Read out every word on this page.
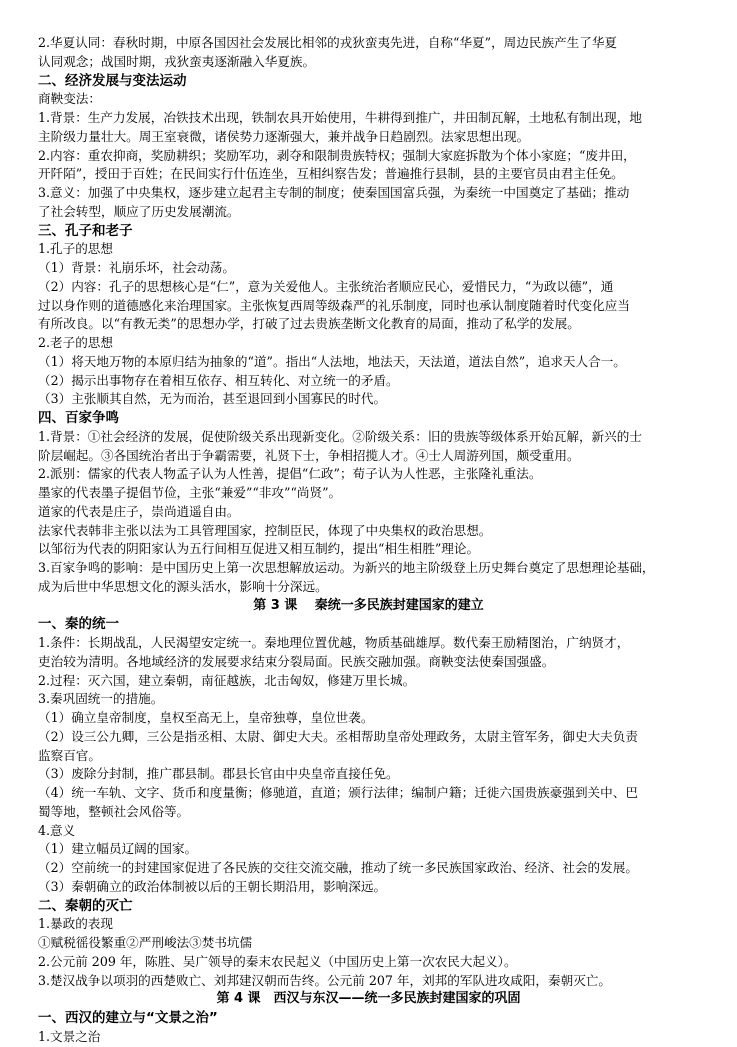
2.华夏认同：春秋时期，中原各国因社会发展比相邻的戎狄蛮夷先进，自称“华夏”，周边民族产生了华夏
认同观念；战国时期，戎狄蛮夷逐渐融入华夏族。
二、经济发展与变法运动
商鞅变法：
1.背景：生产力发展，冶铁技术出现，铁制农具开始使用，牛耕得到推广，井田制瓦解，土地私有制出现，地
主阶级力量壮大。周王室衰微，诸侯势力逐渐强大，兼并战争日趋剧烈。法家思想出现。
2.内容：重农抑商，奖励耕织；奖励军功，剥夺和限制贵族特权；强制大家庭拆散为个体小家庭；“废井田，
开阡陌”，授田于百姓；在民间实行什伍连坐，互相纠察告发；普遍推行县制，县的主要官员由君主任免。
3.意义：加强了中央集权，逐步建立起君主专制的制度；使秦国国富兵强，为秦统一中国奠定了基础；推动
了社会转型，顺应了历史发展潮流。
三、孔子和老子
1.孔子的思想
（1）背景：礼崩乐坏，社会动荡。
（2）内容：孔子的思想核心是“仁”，意为关爱他人。主张统治者顺应民心，爱惜民力，“为政以德”，通
过以身作则的道德感化来治理国家。主张恢复西周等级森严的礼乐制度，同时也承认制度随着时代变化应当
有所改良。以“有教无类”的思想办学，打破了过去贵族垄断文化教育的局面，推动了私学的发展。
2.老子的思想
（1）将天地万物的本原归结为抽象的“道”。指出“人法地，地法天，天法道，道法自然”，追求天人合一。
（2）揭示出事物存在着相互依存、相互转化、对立统一的矛盾。
（3）主张顺其自然，无为而治，甚至退回到小国寡民的时代。
四、百家争鸣
1.背景：①社会经济的发展，促使阶级关系出现新变化。②阶级关系：旧的贵族等级体系开始瓦解，新兴的士
阶层崛起。③各国统治者出于争霸需要，礼贤下士，争相招揽人才。④士人周游列国，颇受重用。
2.派别：儒家的代表人物孟子认为人性善，提倡“仁政”；荀子认为人性恶，主张隆礼重法。
墨家的代表墨子提倡节俭，主张“兼爱”“非攻”“尚贤”。
道家的代表是庄子，崇尚逍遥自由。
法家代表韩非主张以法为工具管理国家，控制臣民，体现了中央集权的政治思想。
以邹衍为代表的阴阳家认为五行间相互促进又相互制约，提出“相生相胜”理论。
3.百家争鸣的影响：是中国历史上第一次思想解放运动。为新兴的地主阶级登上历史舞台奠定了思想理论基础，
成为后世中华思想文化的源头活水，影响十分深远。
第 3 课　 秦统一多民族封建国家的建立
一、秦的统一
1.条件：长期战乱，人民渴望安定统一。秦地理位置优越，物质基础雄厚。数代秦王励精图治，广纳贤才，
吏治较为清明。各地域经济的发展要求结束分裂局面。民族交融加强。商鞅变法使秦国强盛。
2.过程：灭六国，建立秦朝，南征越族，北击匈奴，修建万里长城。
3.秦巩固统一的措施。
（1）确立皇帝制度，皇权至高无上，皇帝独尊，皇位世袭。
（2）设三公九卿，三公是指丞相、太尉、御史大夫。丞相帮助皇帝处理政务，太尉主管军务，御史大夫负责
监察百官。
（3）废除分封制，推广郡县制。郡县长官由中央皇帝直接任免。
（4）统一车轨、文字、货币和度量衡；修驰道，直道；颁行法律；编制户籍；迁徙六国贵族豪强到关中、巴
蜀等地，整顿社会风俗等。
4.意义
（1）建立幅员辽阔的国家。
（2）空前统一的封建国家促进了各民族的交往交流交融，推动了统一多民族国家政治、经济、社会的发展。
（3）秦朝确立的政治体制被以后的王朝长期沿用，影响深远。
二、秦朝的灭亡
1.暴政的表现
①赋税徭役繁重②严刑峻法③焚书坑儒
2.公元前 209 年，陈胜、吴广领导的秦末农民起义（中国历史上第一次农民大起义）。
3.楚汉战争以项羽的西楚败亡、刘邦建汉朝而告终。公元前 207 年，刘邦的军队进攻咸阳，秦朝灭亡。
第 4 课　西汉与东汉——统一多民族封建国家的巩固
一、西汉的建立与“文景之治”
1.文景之治
